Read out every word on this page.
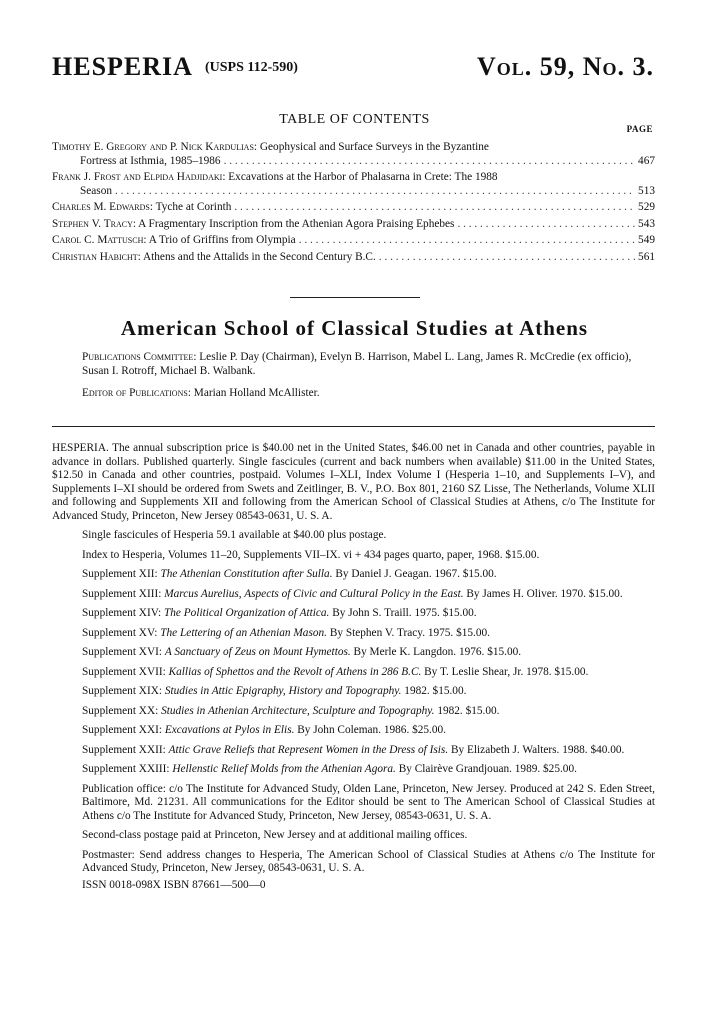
HESPERIA (USPS 112-590)	Vol. 59, No. 3.
TABLE OF CONTENTS
PAGE
Timothy E. Gregory and P. Nick Kardulias: Geophysical and Surface Surveys in the Byzantine
Fortress at Isthmia, 1985–1986 . . .	467
Frank J. Frost and Elpida Hadjidaki: Excavations at the Harbor of Phalasarna in Crete: The 1988
Season . . .	513
Charles M. Edwards: Tyche at Corinth . . .	529
Stephen V. Tracy: A Fragmentary Inscription from the Athenian Agora Praising Ephebes . . .	543
Carol C. Mattusch: A Trio of Griffins from Olympia . . .	549
Christian Habicht: Athens and the Attalids in the Second Century B.C. . . .	561
American School of Classical Studies at Athens
Publications Committee: Leslie P. Day (Chairman), Evelyn B. Harrison, Mabel L. Lang, James R. McCredie (ex officio), Susan I. Rotroff, Michael B. Walbank.
Editor of Publications: Marian Holland McAllister.

HESPERIA. The annual subscription price is $40.00 net in the United States, $46.00 net in Canada and other countries, payable in advance in dollars. Published quarterly. Single fascicules (current and back numbers when available) $11.00 in the United States, $12.50 in Canada and other countries, postpaid. Volumes I–XLI, Index Volume I (Hesperia 1–10, and Supplements I–V), and Supplements I–XI should be ordered from Swets and Zeitlinger, B. V., P.O. Box 801, 2160 SZ Lisse, The Netherlands, Volume XLII and following and Supplements XII and following from the American School of Classical Studies at Athens, c/o The Institute for Advanced Study, Princeton, New Jersey 08543-0631, U. S. A.

Single fascicules of Hesperia 59.1 available at $40.00 plus postage.
Index to Hesperia, Volumes 11–20, Supplements VII–IX. vi + 434 pages quarto, paper, 1968. $15.00.
Supplement XII: The Athenian Constitution after Sulla. By Daniel J. Geagan. 1967. $15.00.
Supplement XIII: Marcus Aurelius, Aspects of Civic and Cultural Policy in the East. By James H. Oliver. 1970. $15.00.
Supplement XIV: The Political Organization of Attica. By John S. Traill. 1975. $15.00.
Supplement XV: The Lettering of an Athenian Mason. By Stephen V. Tracy. 1975. $15.00.
Supplement XVI: A Sanctuary of Zeus on Mount Hymettos. By Merle K. Langdon. 1976. $15.00.
Supplement XVII: Kallias of Sphettos and the Revolt of Athens in 286 B.C. By T. Leslie Shear, Jr. 1978. $15.00.
Supplement XIX: Studies in Attic Epigraphy, History and Topography. 1982. $15.00.
Supplement XX: Studies in Athenian Architecture, Sculpture and Topography. 1982. $15.00.
Supplement XXI: Excavations at Pylos in Elis. By John Coleman. 1986. $25.00.
Supplement XXII: Attic Grave Reliefs that Represent Women in the Dress of Isis. By Elizabeth J. Walters. 1988. $40.00.
Supplement XXIII: Hellenstic Relief Molds from the Athenian Agora. By Clairève Grandjouan. 1989. $25.00.
Publication office: c/o The Institute for Advanced Study, Olden Lane, Princeton, New Jersey. Produced at 242 S. Eden Street, Baltimore, Md. 21231. All communications for the Editor should be sent to The American School of Classical Studies at Athens c/o The Institute for Advanced Study, Princeton, New Jersey, 08543-0631, U. S. A.
Second-class postage paid at Princeton, New Jersey and at additional mailing offices.
Postmaster: Send address changes to Hesperia, The American School of Classical Studies at Athens c/o The Institute for Advanced Study, Princeton, New Jersey, 08543-0631, U. S. A.
ISSN 0018-098X ISBN 87661—500—0
